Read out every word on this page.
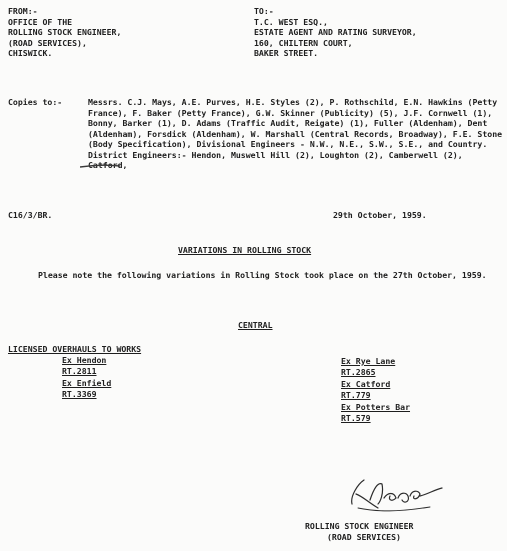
FROM:-
OFFICE OF THE
ROLLING STOCK ENGINEER,
(ROAD SERVICES),
CHISWICK.
TO:-
T.C. WEST ESQ.,
ESTATE AGENT AND RATING SURVEYOR,
160, CHILTERN COURT,
BAKER STREET.
Copies to:-	Messrs. C.J. Mays, A.E. Purves, H.E. Styles (2), P. Rothschild, E.N. Hawkins (Petty France), F. Baker (Petty France), G.W. Skinner (Publicity) (5), J.F. Cornwell (1), Bonny, Barker (1), D. Adams (Traffic Audit, Reigate) (1), Fuller (Aldenham), Dent (Aldenham), Forsdick (Aldenham), W. Marshall (Central Records, Broadway), F.E. Stone (Body Specification), Divisional Engineers - N.W., N.E., S.W., S.E., and Country. District Engineers:- Hendon, Muswell Hill (2), Loughton (2), Camberwell (2), Catford,
C16/3/BR.	29th October, 1959.
VARIATIONS IN ROLLING STOCK
Please note the following variations in Rolling Stock took place on the 27th October, 1959.
CENTRAL
LICENSED OVERHAULS TO WORKS
Ex Hendon
RT.2811
Ex Enfield
RT.3369
Ex Rye Lane
RT.2865
Ex Catford
RT.779
Ex Potters Bar
RT.579
ROLLING STOCK ENGINEER
(ROAD SERVICES)
